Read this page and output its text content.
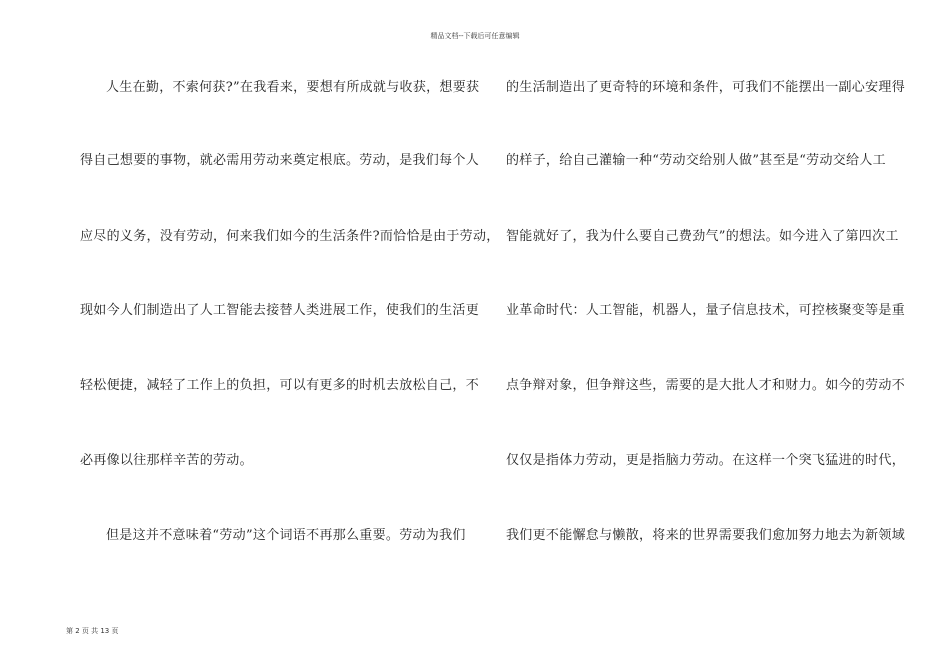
精品文档--下载后可任意编辑
人生在勤，不索何获?”在我看来，要想有所成就与收获，想要获
得自己想要的事物，就必需用劳动来奠定根底。劳动，是我们每个人
应尽的义务，没有劳动，何来我们如今的生活条件?而恰恰是由于劳动，
现如今人们制造出了人工智能去接替人类进展工作，使我们的生活更
轻松便捷，减轻了工作上的负担，可以有更多的时机去放松自己，不
必再像以往那样辛苦的劳动。
但是这并不意味着“劳动”这个词语不再那么重要。劳动为我们
的生活制造出了更奇特的环境和条件，可我们不能摆出一副心安理得
的样子，给自己灌输一种“劳动交给别人做”甚至是“劳动交给人工
智能就好了，我为什么要自己费劲气”的想法。如今进入了第四次工
业革命时代：人工智能，机器人，量子信息技术，可控核聚变等是重
点争辩对象，但争辩这些，需要的是大批人才和财力。如今的劳动不
仅仅是指体力劳动，更是指脑力劳动。在这样一个突飞猛进的时代，
我们更不能懈怠与懒散，将来的世界需要我们愈加努力地去为新领域
第 2 页 共 13 页
